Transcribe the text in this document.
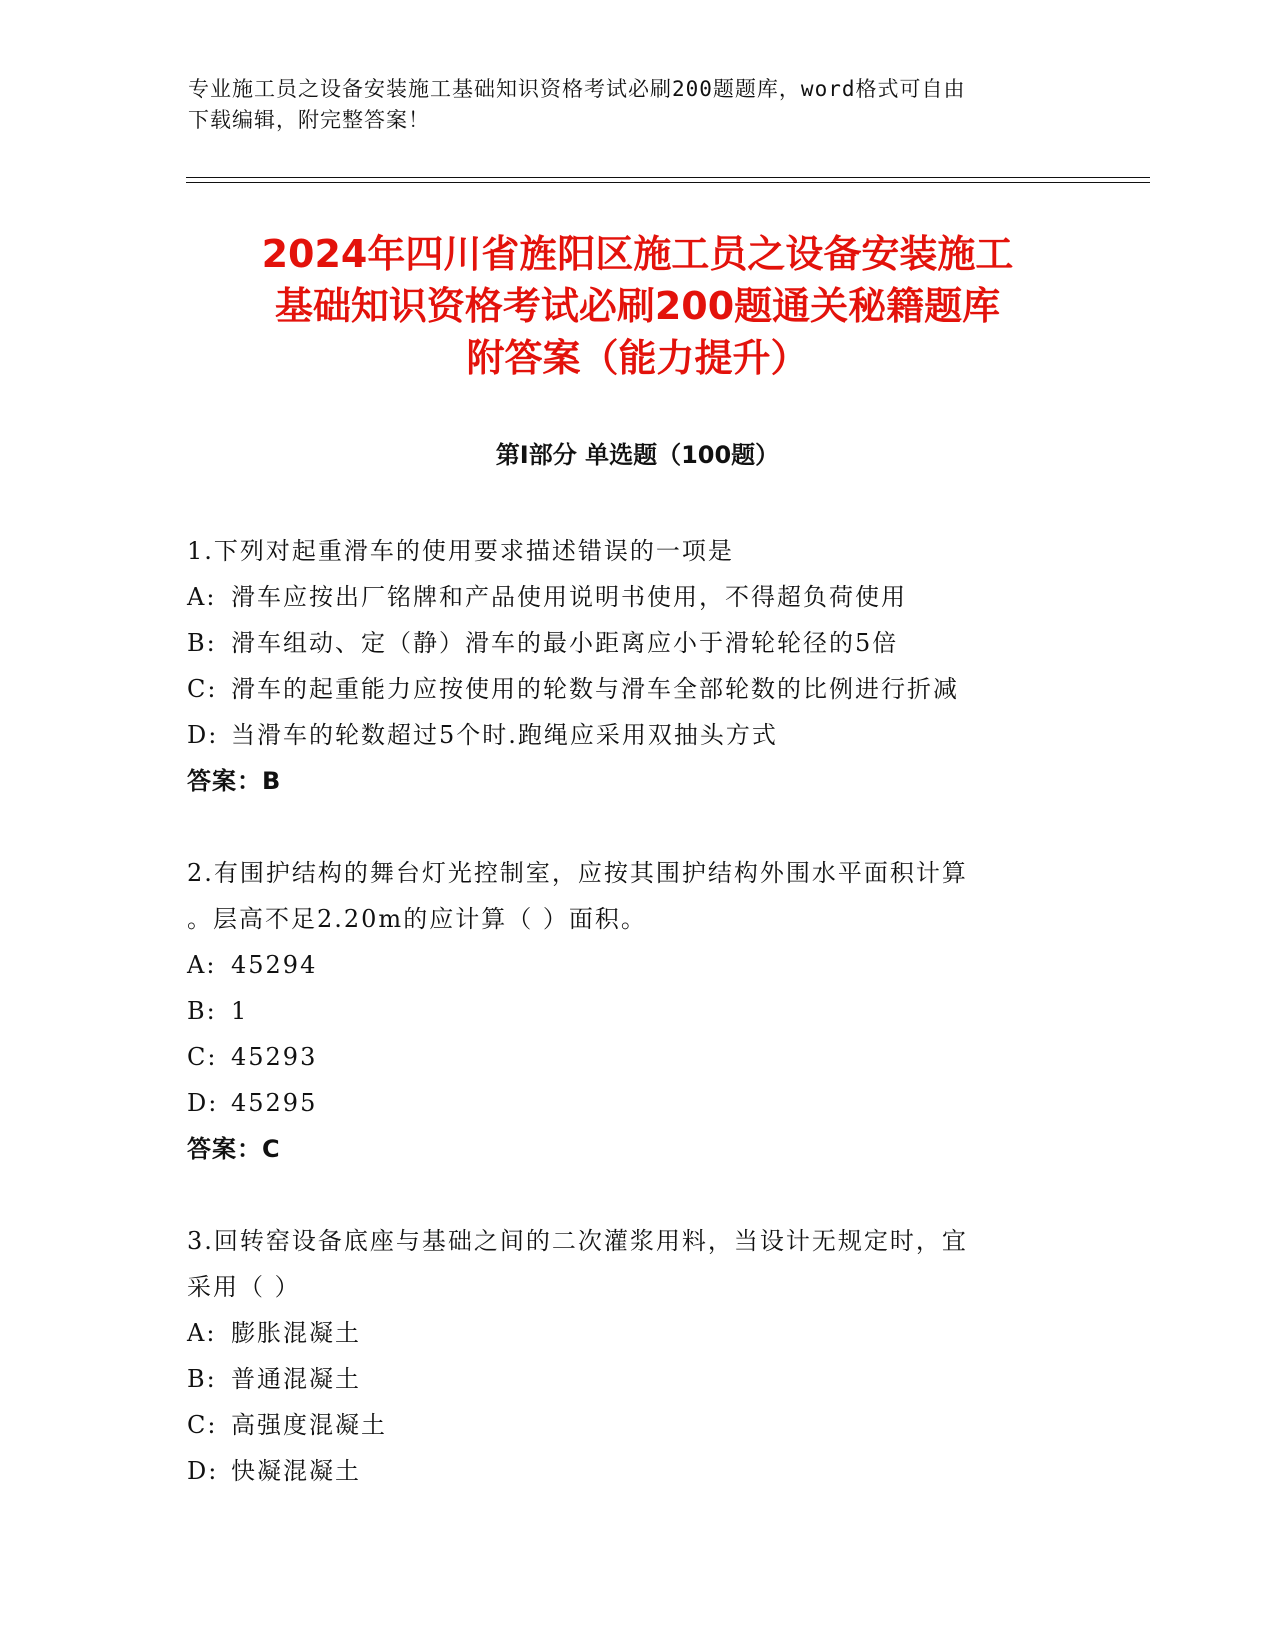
专业施工员之设备安装施工基础知识资格考试必刷200题题库，word格式可自由
下载编辑，附完整答案！
2024年四川省旌阳区施工员之设备安装施工
基础知识资格考试必刷200题通关秘籍题库
附答案（能力提升）
第I部分 单选题（100题）
1.下列对起重滑车的使用要求描述错误的一项是
A: 滑车应按出厂铭牌和产品使用说明书使用，不得超负荷使用
B: 滑车组动、定（静）滑车的最小距离应小于滑轮轮径的5倍
C: 滑车的起重能力应按使用的轮数与滑车全部轮数的比例进行折减
D: 当滑车的轮数超过5个时.跑绳应采用双抽头方式
答案：B
2.有围护结构的舞台灯光控制室，应按其围护结构外围水平面积计算
。层高不足2.20m的应计算（ ）面积。
A: 45294
B: 1
C: 45293
D: 45295
答案：C
3.回转窑设备底座与基础之间的二次灌浆用料，当设计无规定时，宜
采用（ ）
A: 膨胀混凝土
B: 普通混凝土
C: 高强度混凝土
D: 快凝混凝土
